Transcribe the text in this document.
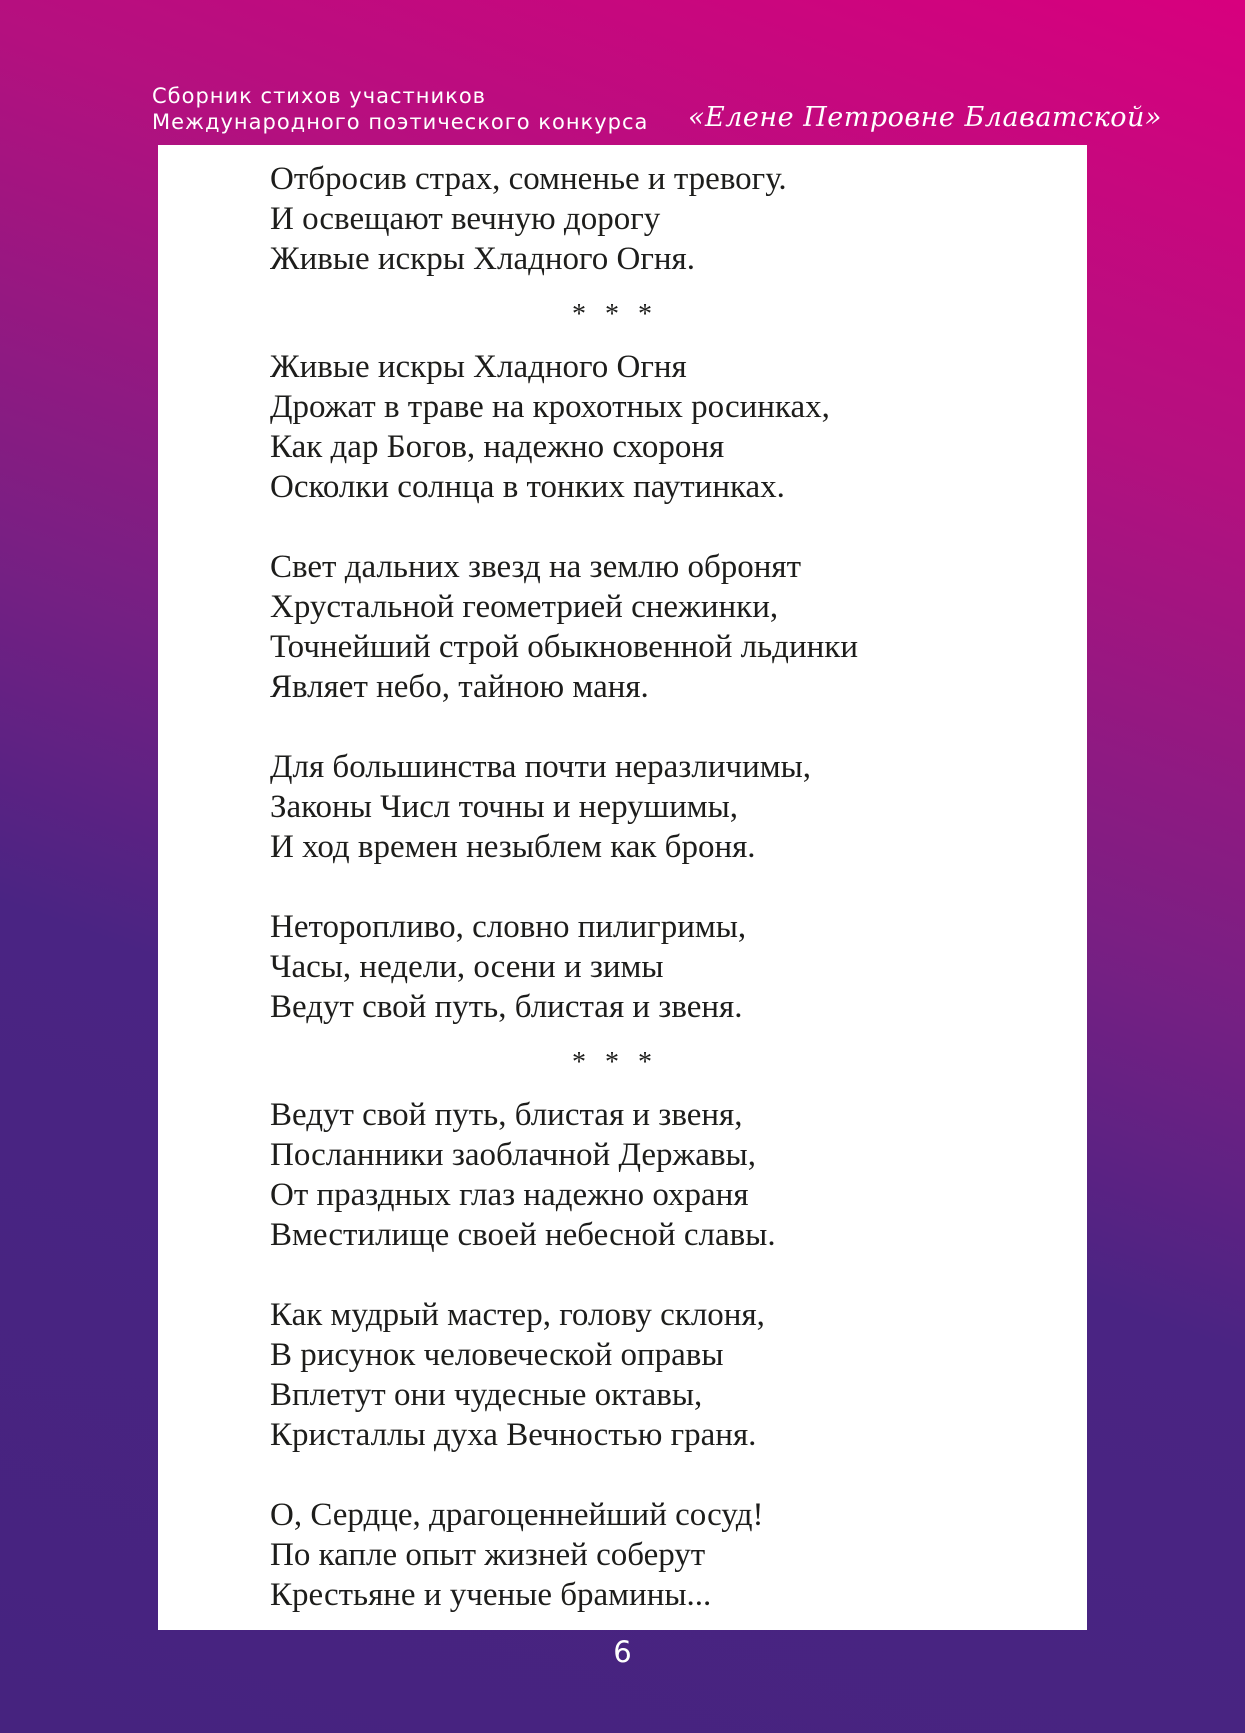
Сборник стихов участников
Международного поэтического конкурса «Елене Петровне Блаватской»
Отбросив страх, сомненье и тревогу.
И освещают вечную дорогу
Живые искры Хладного Огня.
* * *
Живые искры Хладного Огня
Дрожат в траве на крохотных росинках,
Как дар Богов, надежно схороня
Осколки солнца в тонких паутинках.
Свет дальних звезд на землю обронят
Хрустальной геометрией снежинки,
Точнейший строй обыкновенной льдинки
Являет небо, тайною маня.
Для большинства почти неразличимы,
Законы Числ точны и нерушимы,
И ход времен незыблем как броня.
Неторопливо, словно пилигримы,
Часы, недели, осени и зимы
Ведут свой путь, блистая и звеня.
* * *
Ведут свой путь, блистая и звеня,
Посланники заоблачной Державы,
От праздных глаз надежно охраня
Вместилище своей небесной славы.
Как мудрый мастер, голову склоня,
В рисунок человеческой оправы
Вплетут они чудесные октавы,
Кристаллы духа Вечностью граня.
О, Сердце, драгоценнейший сосуд!
По капле опыт жизней соберут
Крестьяне и ученые брамины...
6
